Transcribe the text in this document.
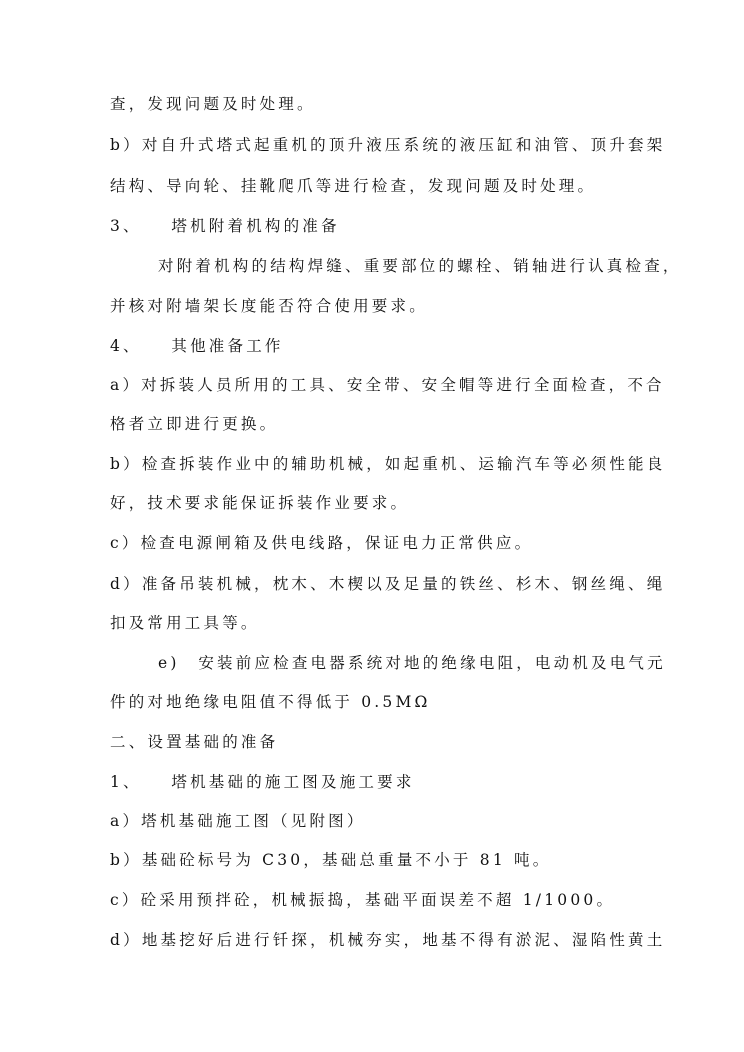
查，发现问题及时处理。
b）对自升式塔式起重机的顶升液压系统的液压缸和油管、顶升套架
结构、导向轮、挂靴爬爪等进行检查，发现问题及时处理。
3、　　塔机附着机构的准备
对附着机构的结构焊缝、重要部位的螺栓、销轴进行认真检查，
并核对附墙架长度能否符合使用要求。
4、　　其他准备工作
a）对拆装人员所用的工具、安全带、安全帽等进行全面检查，不合
格者立即进行更换。
b）检查拆装作业中的辅助机械，如起重机、运输汽车等必须性能良
好，技术要求能保证拆装作业要求。
c）检查电源闸箱及供电线路，保证电力正常供应。
d）准备吊装机械，枕木、木楔以及足量的铁丝、杉木、钢丝绳、绳
扣及常用工具等。
e)　安装前应检查电器系统对地的绝缘电阻，电动机及电气元
件的对地绝缘电阻值不得低于 0.5MΩ
二、设置基础的准备
1、　　塔机基础的施工图及施工要求
a）塔机基础施工图（见附图）
b）基础砼标号为 C30，基础总重量不小于 81 吨。
c）砼采用预拌砼，机械振捣，基础平面误差不超 1/1000。
d）地基挖好后进行钎探，机械夯实，地基不得有淤泥、湿陷性黄土
